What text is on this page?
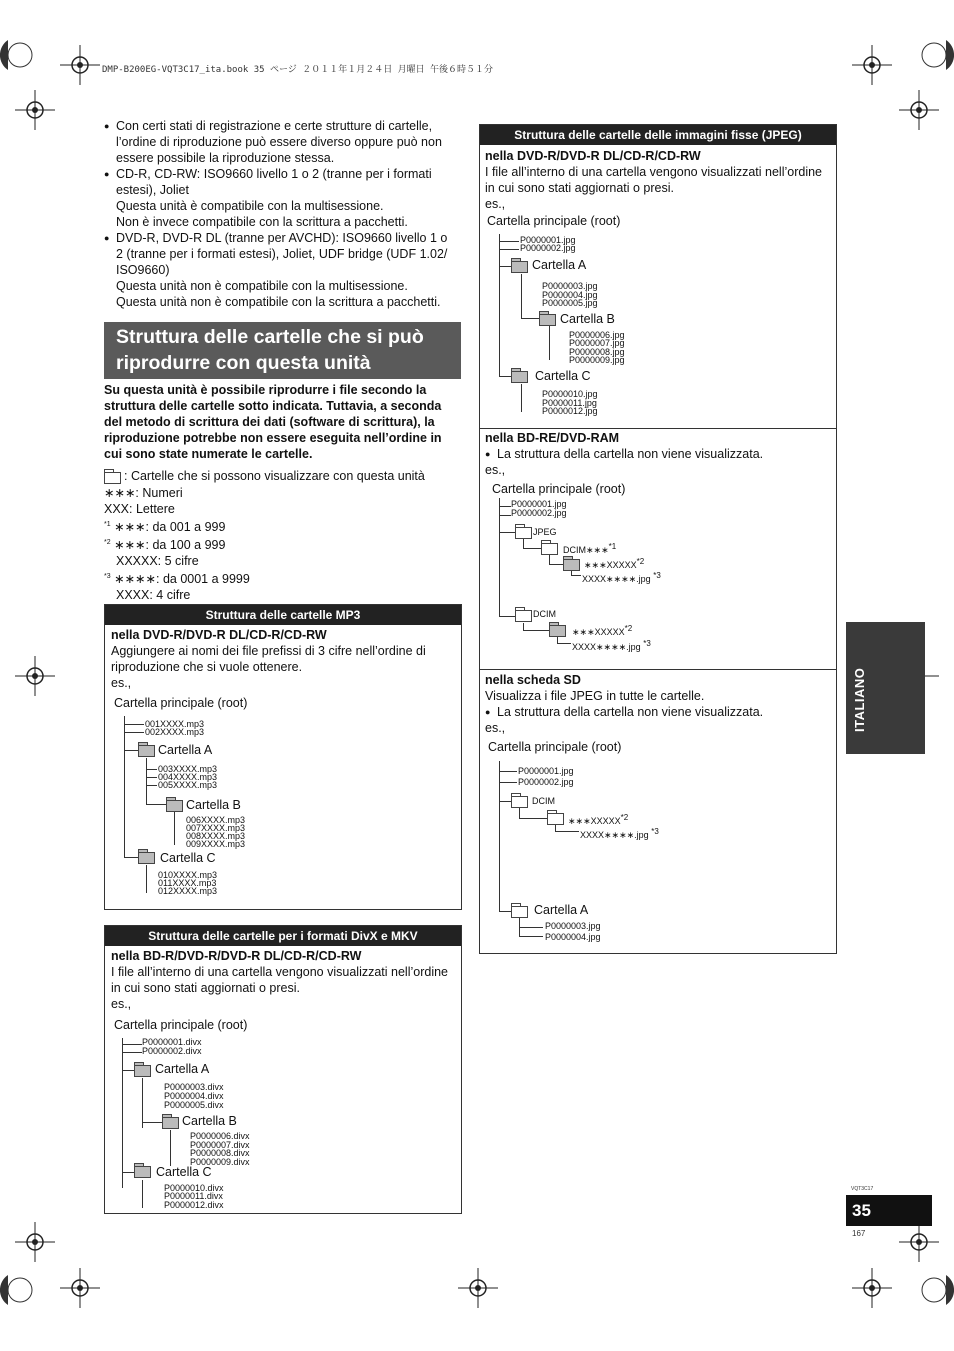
DMP-B200EG-VQT3C17_ita.book 35 ページ ２０１１年１月２４日 月曜日 午後６時５１分
● Con certi stati di registrazione e certe strutture di cartelle,
l’ordine di riproduzione può essere diverso oppure può non
essere possibile la riproduzione stessa.
● CD-R, CD-RW: ISO9660 livello 1 o 2 (tranne per i formati
estesi), Joliet
Questa unità è compatibile con la multisessione.
Non è invece compatibile con la scrittura a pacchetti.
● DVD-R, DVD-R DL (tranne per AVCHD): ISO9660 livello 1 o
2 (tranne per i formati estesi), Joliet, UDF bridge (UDF 1.02/
ISO9660)
Questa unità non è compatibile con la multisessione.
Questa unità non è compatibile con la scrittura a pacchetti.
Struttura delle cartelle che si può
riprodurre con questa unità
Su questa unità è possibile riprodurre i file secondo la
struttura delle cartelle sotto indicata. Tuttavia, a seconda
del metodo di scrittura dei dati (software di scrittura), la
riproduzione potrebbe non essere eseguita nell’ordine in
cui sono state numerate le cartelle.
: Cartelle che si possono visualizzare con questa unità
∗∗∗: Numeri
XXX: Lettere
$^{*1}$ ∗∗∗: da 001 a 999
$^{*2}$ ∗∗∗: da 100 a 999
XXXXX: 5 cifre
$^{*3}$ ∗∗∗∗: da 0001 a 9999
XXXX: 4 cifre
Struttura delle cartelle MP3
nella DVD-R/DVD-R DL/CD-R/CD-RW
Aggiungere ai nomi dei file prefissi di 3 cifre nell’ordine di
riproduzione che si vuole ottenere.
es.,
Cartella principale (root)
001XXXX.mp3
002XXXX.mp3
Cartella A
003XXXX.mp3
004XXXX.mp3
005XXXX.mp3
Cartella B
006XXXX.mp3
007XXXX.mp3
008XXXX.mp3
009XXXX.mp3
Cartella C
010XXXX.mp3
011XXXX.mp3
012XXXX.mp3
Struttura delle cartelle per i formati DivX e MKV
nella BD-R/DVD-R/DVD-R DL/CD-R/CD-RW
I file all’interno di una cartella vengono visualizzati nell’ordine
in cui sono stati aggiornati o presi.
es.,
Cartella principale (root)
P0000001.divx
P0000002.divx
Cartella A
P0000003.divx
P0000004.divx
P0000005.divx
Cartella B
P0000006.divx
P0000007.divx
P0000008.divx
P0000009.divx
Cartella C
P0000010.divx
P0000011.divx
P0000012.divx
Struttura delle cartelle delle immagini fisse (JPEG)
nella DVD-R/DVD-R DL/CD-R/CD-RW
I file all’interno di una cartella vengono visualizzati nell’ordine
in cui sono stati aggiornati o presi.
es.,
Cartella principale (root)
P0000001.jpg
P0000002.jpg
Cartella A
P0000003.jpg
P0000004.jpg
P0000005.jpg
Cartella B
P0000006.jpg
P0000007.jpg
P0000008.jpg
P0000009.jpg
Cartella C
P0000010.jpg
P0000011.jpg
P0000012.jpg
nella BD-RE/DVD-RAM
● La struttura della cartella non viene visualizzata.
es.,
Cartella principale (root)
P0000001.jpg
P0000002.jpg
JPEG
DCIM∗∗∗$^{*1}$
∗∗∗XXXXX$^{*2}$
XXXX∗∗∗∗.jpg $^{*3}$
DCIM
∗∗∗XXXXX$^{*2}$
XXXX∗∗∗∗.jpg $^{*3}$
nella scheda SD
Visualizza i file JPEG in tutte le cartelle.
● La struttura della cartella non viene visualizzata.
es.,
Cartella principale (root)
P0000001.jpg
P0000002.jpg
DCIM
∗∗∗XXXXX$^{*2}$
XXXX∗∗∗∗.jpg $^{*3}$
Cartella A
P0000003.jpg
P0000004.jpg
ITALIANO
VQT3C17
35
167
